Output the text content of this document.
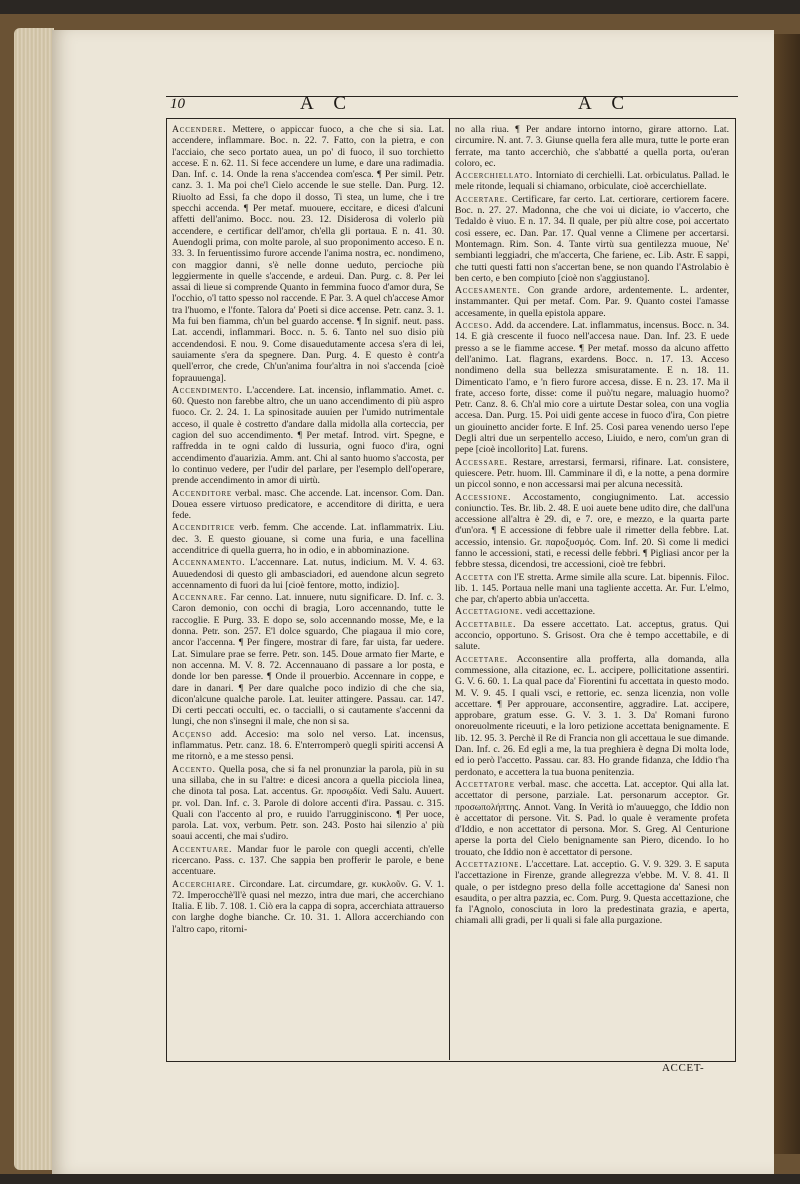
10	A C	A C

Accendere. Mettere, o appiccar fuoco, a che che si sia. Lat. accendere, inflammare. Boc. n. 22. 7. Fatto, con la pietra, e con l'acciaio, che seco portato auea, un po' di fuoco, il suo torchietto accese. E n. 62. 11. Si fece accendere un lume, e dare una radimadia. Dan. Inf. c. 14. Onde la rena s'accendea com'esca. ¶ Per simil. Petr. canz. 3. 1. Ma poi che'l Cielo accende le sue stelle. Dan. Purg. 12. Riuolto ad Essi, fa che dopo il dosso, Ti stea, un lume, che i tre specchi accenda. ¶ Per metaf. muouere, eccitare, e dicesi d'alcuni affetti dell'animo. Bocc. nou. 23. 12. Disiderosa di volerlo più accendere, e certificar dell'amor, ch'ella gli portaua. E n. 41. 30. Auendogli prima, con molte parole, al suo proponimento acceso. E n. 33. 3. In feruentissimo furore accende l'anima nostra, ec. nondimeno, con maggior danni, s'è nelle donne ueduto, percioche più leggiermente in quelle s'accende, e ardeui. Dan. Purg. c. 8. Per lei assai di lieue si comprende Quanto in femmina fuoco d'amor dura, Se l'occhio, o'l tatto spesso nol raccende. E Par. 3. A quel ch'accese Amor tra l'huomo, e l'fonte. Talora da' Poeti si dice accense. Petr. canz. 3. 1. Ma fui ben fiamma, ch'un bel guardo accense. ¶ In signif. neut. pass. Lat. accendi, inflammari. Bocc. n. 5. 6. Tanto nel suo disio più accendendosi. E nou. 9. Come disauedutamente accesa s'era di lei, sauiamente s'era da spegnere. Dan. Purg. 4. E questo è contr'a quell'error, che crede, Ch'un'anima four'altra in noi s'accenda [cioè foprauuenga].

Accendimento. L'accendere. Lat. incensio, inflammatio. Amet. c. 60. Questo non farebbe altro, che un uano accendimento di più aspro fuoco. Cr. 2. 24. 1. La spinositade auuien per l'umido nutrimentale acceso, il quale è costretto d'andare dalla midolla alla corteccia, per cagion del suo accendimento. ¶ Per metaf. Introd. virt. Spegne, e raffredda in te ogni caldo di lussuria, ogni fuoco d'ira, ogni accendimento d'auarizia. Amm. ant. Chi al santo huomo s'accosta, per lo continuo vedere, per l'udir del parlare, per l'esemplo dell'operare, prende accendimento in amor di uirtù.

Accenditore verbal. masc. Che accende. Lat. incensor. Com. Dan. Douea essere virtuoso predicatore, e accenditore di diritta, e uera fede.

Accenditrice verb. femm. Che accende. Lat. inflammatrix. Liu. dec. 3. E questo giouane, sì come una furia, e una facellina accenditrice di quella guerra, ho in odio, e in abbominazione.

Accennamento. L'accennare. Lat. nutus, indicium. M. V. 4. 63. Auuedendosi di questo gli ambasciadori, ed auendone alcun segreto accennamento di fuori da lui [cioè fentore, motto, indizio].

Accennare. Far cenno. Lat. innuere, nutu significare. D. Inf. c. 3. Caron demonio, con occhi di bragia, Loro accennando, tutte le raccoglie. E Purg. 33. E dopo se, solo accennando mosse, Me, e la donna. Petr. son. 257. E'l dolce sguardo, Che piagaua il mio core, ancor l'accenna. ¶ Per fingere, mostrar di fare, far uista, far uedere. Lat. Simulare prae se ferre. Petr. son. 145. Doue armato fier Marte, e non accenna. M. V. 8. 72. Accennauano di passare a lor posta, e donde lor ben paresse. ¶ Onde il prouerbio. Accennare in coppe, e dare in danari. ¶ Per dare qualche poco indizio di che che sia, dicon'alcune qualche parole. Lat. leuiter attingere. Passau. car. 147. Di certi peccati occulti, ec. o taccialli, o si cautamente s'accenni da lungi, che non s'insegni il male, che non si sa.

Acçenso add. Accesio: ma solo nel verso. Lat. incensus, inflammatus. Petr. canz. 18. 6. E'nterromperò quegli spiriti accensi A me ritornò, e a me stesso pensi.

Accento. Quella posa, che si fa nel pronunziar la parola, più in su una sillaba, che in su l'altre: e dicesi ancora a quella picciola linea, che dinota tal posa. Lat. accentus. Gr. προσῳδία. Vedi Salu. Auuert. pr. vol. Dan. Inf. c. 3. Parole di dolore accenti d'ira. Passau. c. 315. Quali con l'accento al pro, e ruuido l'arrugginiscono. ¶ Per uoce, parola. Lat. vox, verbum. Petr. son. 243. Posto hai silenzio a' più soaui accenti, che mai s'udiro.

Accentuare. Mandar fuor le parole con quegli accenti, ch'elle ricercano. Pass. c. 137. Che sappia ben profferir le parole, e bene accentuare.

Accerchiare. Circondare. Lat. circumdare, gr. κυκλοῦν. G. V. 1. 72. Imperocchè'll'è quasi nel mezzo, intra due mari, che accerchiano Italia. E lib. 7. 108. 1. Ciò era la cappa di sopra, accerchiata attrauerso con larghe doghe bianche. Cr. 10. 31. 1. Allora accerchiando con l'altro capo, ritorni-

no alla riua. ¶ Per andare intorno intorno, girare attorno. Lat. circumire. N. ant. 7. 3. Giunse quella fera alle mura, tutte le porte eran ferrate, ma tanto accerchiò, che s'abbatté a quella porta, ou'eran coloro, ec.

Accerchiellato. Intorniato di cerchielli. Lat. orbiculatus. Pallad. le mele ritonde, lequali si chiamano, orbiculate, cioè accerchiellate.

Accertare. Certificare, far certo. Lat. certiorare, certiorem facere. Boc. n. 27. 27. Madonna, che che voi ui diciate, io v'accerto, che Tedaldo è viuo. E n. 17. 34. Il quale, per più altre cose, poi accertato cosi essere, ec. Dan. Par. 17. Qual venne a Climene per accertarsi. Montemagn. Rim. Son. 4. Tante virtù sua gentilezza muoue, Ne' sembianti leggiadri, che m'accerta, Che fariene, ec. Lib. Astr. E sappi, che tutti questi fatti non s'accertan bene, se non quando l'Astrolabio è ben certo, e ben compiuto [cioè non s'aggiustano].

Accesamente. Con grande ardore, ardentemente. L. ardenter, instammanter. Qui per metaf. Com. Par. 9. Quanto costei l'amasse accesamente, in quella epistola appare.

Acceso. Add. da accendere. Lat. inflammatus, incensus. Bocc. n. 34. 14. E già crescente il fuoco nell'accesa naue. Dan. Inf. 23. E uede presso a se le fiamme accese. ¶ Per metaf. mosso da alcuno affetto dell'animo. Lat. flagrans, exardens. Bocc. n. 17. 13. Acceso nondimeno della sua bellezza smisuratamente. E n. 18. 11. Dimenticato l'amo, e 'n fiero furore accesa, disse. E n. 23. 17. Ma il frate, acceso forte, disse: come il può'tu negare, maluagio huomo? Petr. Canz. 8. 6. Ch'al mio core a uirtute Destar solea, con una voglia accesa. Dan. Purg. 15. Poi uidi gente accese in fuoco d'ira, Con pietre un giouinetto ancider forte. E Inf. 25. Così parea venendo uerso l'epe Degli altri due un serpentello acceso, Liuido, e nero, com'un gran di pepe [cioè incollorito] Lat. furens.

Accessare. Restare, arrestarsi, fermarsi, rifinare. Lat. consistere, quiescere. Petr. huom. Ill. Camminare il dì, e la notte, a pena dormire un piccol sonno, e non accessarsi mai per alcuna necessità.

Accessione. Accostamento, congiugnimento. Lat. accessio coniunctio. Tes. Br. lib. 2. 48. E uoi auete bene udito dire, che dall'una accessione all'altra è 29. dì, e 7. ore, e mezzo, e la quarta parte d'un'ora. ¶ E accessione di febbre uale il rimetter della febbre. Lat. accessio, intensio. Gr. παροξυσμός. Com. Inf. 20. Sì come li medici fanno le accessioni, stati, e recessi delle febbri. ¶ Pigliasi ancor per la febbre stessa, dicendosi, tre accessioni, cioè tre febbri.

Accetta con l'E stretta. Arme simile alla scure. Lat. bipennis. Filoc. lib. 1. 145. Portaua nelle mani una tagliente accetta. Ar. Fur. L'elmo, che par, ch'aperto abbia un'accetta.

Accettagione. vedi accettazione.

Accettabile. Da essere accettato. Lat. acceptus, gratus. Qui acconcio, opportuno. S. Grisost. Ora che è tempo accettabile, e di salute.

Accettare. Acconsentire alla profferta, alla domanda, alla commessione, alla citazione, ec. L. accipere, pollicitatione assentiri. G. V. 6. 60. 1. La qual pace da' Fiorentini fu accettata in questo modo. M. V. 9. 45. I quali vsci, e rettorie, ec. senza licenzia, non volle accettare. ¶ Per approuare, acconsentire, aggradire. Lat. accipere, approbare, gratum esse. G. V. 3. 1. 3. Da' Romani furono onoreuolmente riceuuti, e la loro petizione accettata benignamente. E lib. 12. 95. 3. Perchè il Re di Francia non gli accettaua le sue dimande. Dan. Inf. c. 26. Ed egli a me, la tua preghiera è degna Di molta lode, ed io però l'accetto. Passau. car. 83. Ho grande fidanza, che Iddio t'ha perdonato, e accettera la tua buona penitenzia.

Accettatore verbal. masc. che accetta. Lat. acceptor. Qui alla lat. accettator di persone, parziale. Lat. personarum acceptor. Gr. προσωπολήπτης. Annot. Vang. In Verità io m'auueggo, che Iddio non è accettator di persone. Vit. S. Pad. lo quale è veramente profeta d'Iddio, e non accettator di persona. Mor. S. Greg. Al Centurione aperse la porta del Cielo benignamente san Piero, dicendo. Io ho trouato, che Iddio non è accettator di persone.

Accettazione. L'accettare. Lat. acceptio. G. V. 9. 329. 3. E saputa l'accettazione in Firenze, grande allegrezza v'ebbe. M. V. 8. 41. Il quale, o per istdegno preso della folle accettagione da' Sanesi non esaudita, o per altra pazzia, ec. Com. Purg. 9. Questa accettazione, che fa l'Agnolo, conosciuta in loro la predestinata grazia, e aperta, chiamali alli gradi, per li quali si fale alla purgazione.

ACCET-
